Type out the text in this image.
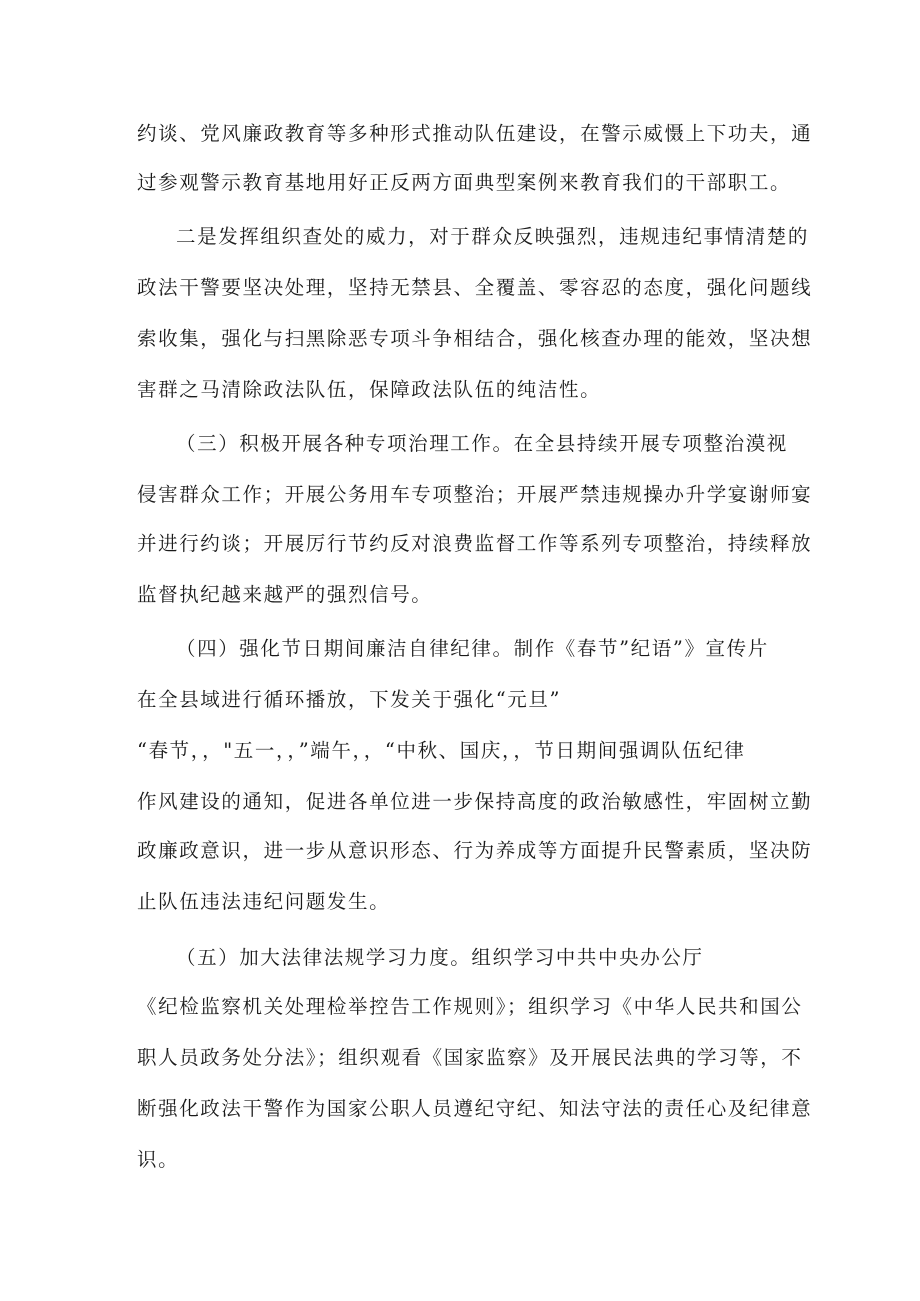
约谈、党风廉政教育等多种形式推动队伍建设，在警示威慑上下功夫，通
过参观警示教育基地用好正反两方面典型案例来教育我们的干部职工。
二是发挥组织查处的威力，对于群众反映强烈，违规违纪事情清楚的
政法干警要坚决处理，坚持无禁县、全覆盖、零容忍的态度，强化问题线
索收集，强化与扫黑除恶专项斗争相结合，强化核查办理的能效，坚决想
害群之马清除政法队伍，保障政法队伍的纯洁性。
（三）积极开展各种专项治理工作。在全县持续开展专项整治漠视
侵害群众工作；开展公务用车专项整治；开展严禁违规操办升学宴谢师宴
并进行约谈；开展厉行节约反对浪费监督工作等系列专项整治，持续释放
监督执纪越来越严的强烈信号。
（四）强化节日期间廉洁自律纪律。制作《春节”纪语”》宣传片
在全县域进行循环播放，下发关于强化“元旦”
“春节，，"五一，，”端午，，“中秋、国庆，，节日期间强调队伍纪律
作风建设的通知，促进各单位进一步保持高度的政治敏感性，牢固树立勤
政廉政意识，进一步从意识形态、行为养成等方面提升民警素质，坚决防
止队伍违法违纪问题发生。
（五）加大法律法规学习力度。组织学习中共中央办公厅
《纪检监察机关处理检举控告工作规则》；组织学习《中华人民共和国公
职人员政务处分法》；组织观看《国家监察》及开展民法典的学习等，不
断强化政法干警作为国家公职人员遵纪守纪、知法守法的责任心及纪律意
识。
